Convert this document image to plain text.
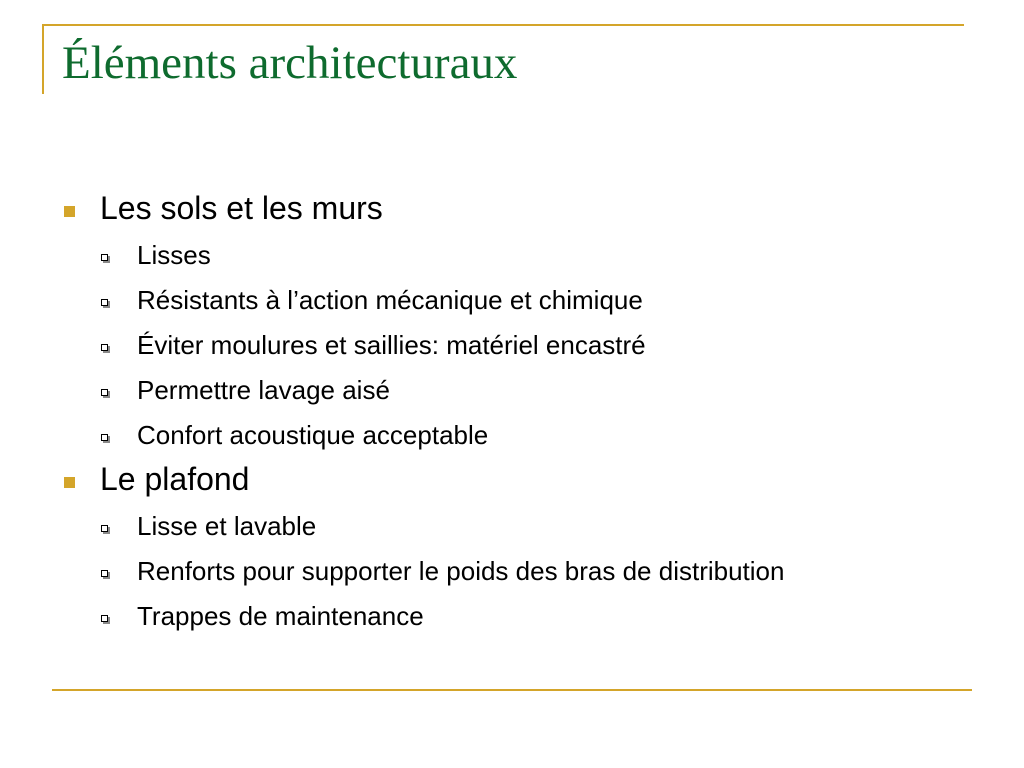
Éléments architecturaux
Les sols et les murs
Lisses
Résistants à l’action mécanique et chimique
Éviter moulures et saillies: matériel encastré
Permettre lavage aisé
Confort acoustique acceptable
Le plafond
Lisse et lavable
Renforts pour supporter le poids des bras de distribution
Trappes de maintenance
